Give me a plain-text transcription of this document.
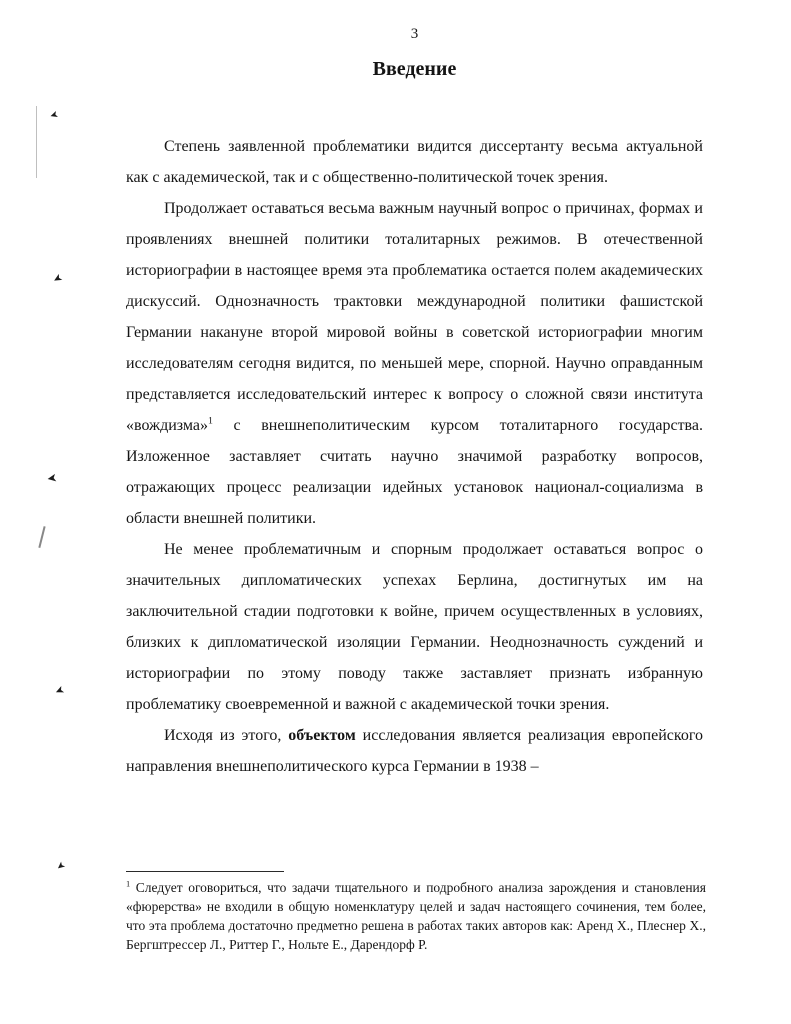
3
Введение

Степень заявленной проблематики видится диссертанту весьма актуальной как с академической, так и с общественно-политической точек зрения.

Продолжает оставаться весьма важным научный вопрос о причинах, формах и проявлениях внешней политики тоталитарных режимов. В отечественной историографии в настоящее время эта проблематика остается полем академических дискуссий. Однозначность трактовки международной политики фашистской Германии накануне второй мировой войны в советской историографии многим исследователям сегодня видится, по меньшей мере, спорной. Научно оправданным представляется исследовательский интерес к вопросу о сложной связи института «вождизма»$^1$ с внешнеполитическим курсом тоталитарного государства. Изложенное заставляет считать научно значимой разработку вопросов, отражающих процесс реализации идейных установок национал-социализма в области внешней политики.

Не менее проблематичным и спорным продолжает оставаться вопрос о значительных дипломатических успехах Берлина, достигнутых им на заключительной стадии подготовки к войне, причем осуществленных в условиях, близких к дипломатической изоляции Германии. Неоднозначность суждений и историографии по этому поводу также заставляет признать избранную проблематику своевременной и важной с академической точки зрения.

Исходя из этого, объектом исследования является реализация европейского направления внешнеполитического курса Германии в 1938 –

$^1$ Следует оговориться, что задачи тщательного и подробного анализа зарождения и становления «фюрерства» не входили в общую номенклатуру целей и задач настоящего сочинения, тем более, что эта проблема достаточно предметно решена в работах таких авторов как: Аренд Х., Плеснер Х., Бергштрессер Л., Риттер Г., Нольте Е., Дарендорф Р.
➤
➤
➤
➤
➤
